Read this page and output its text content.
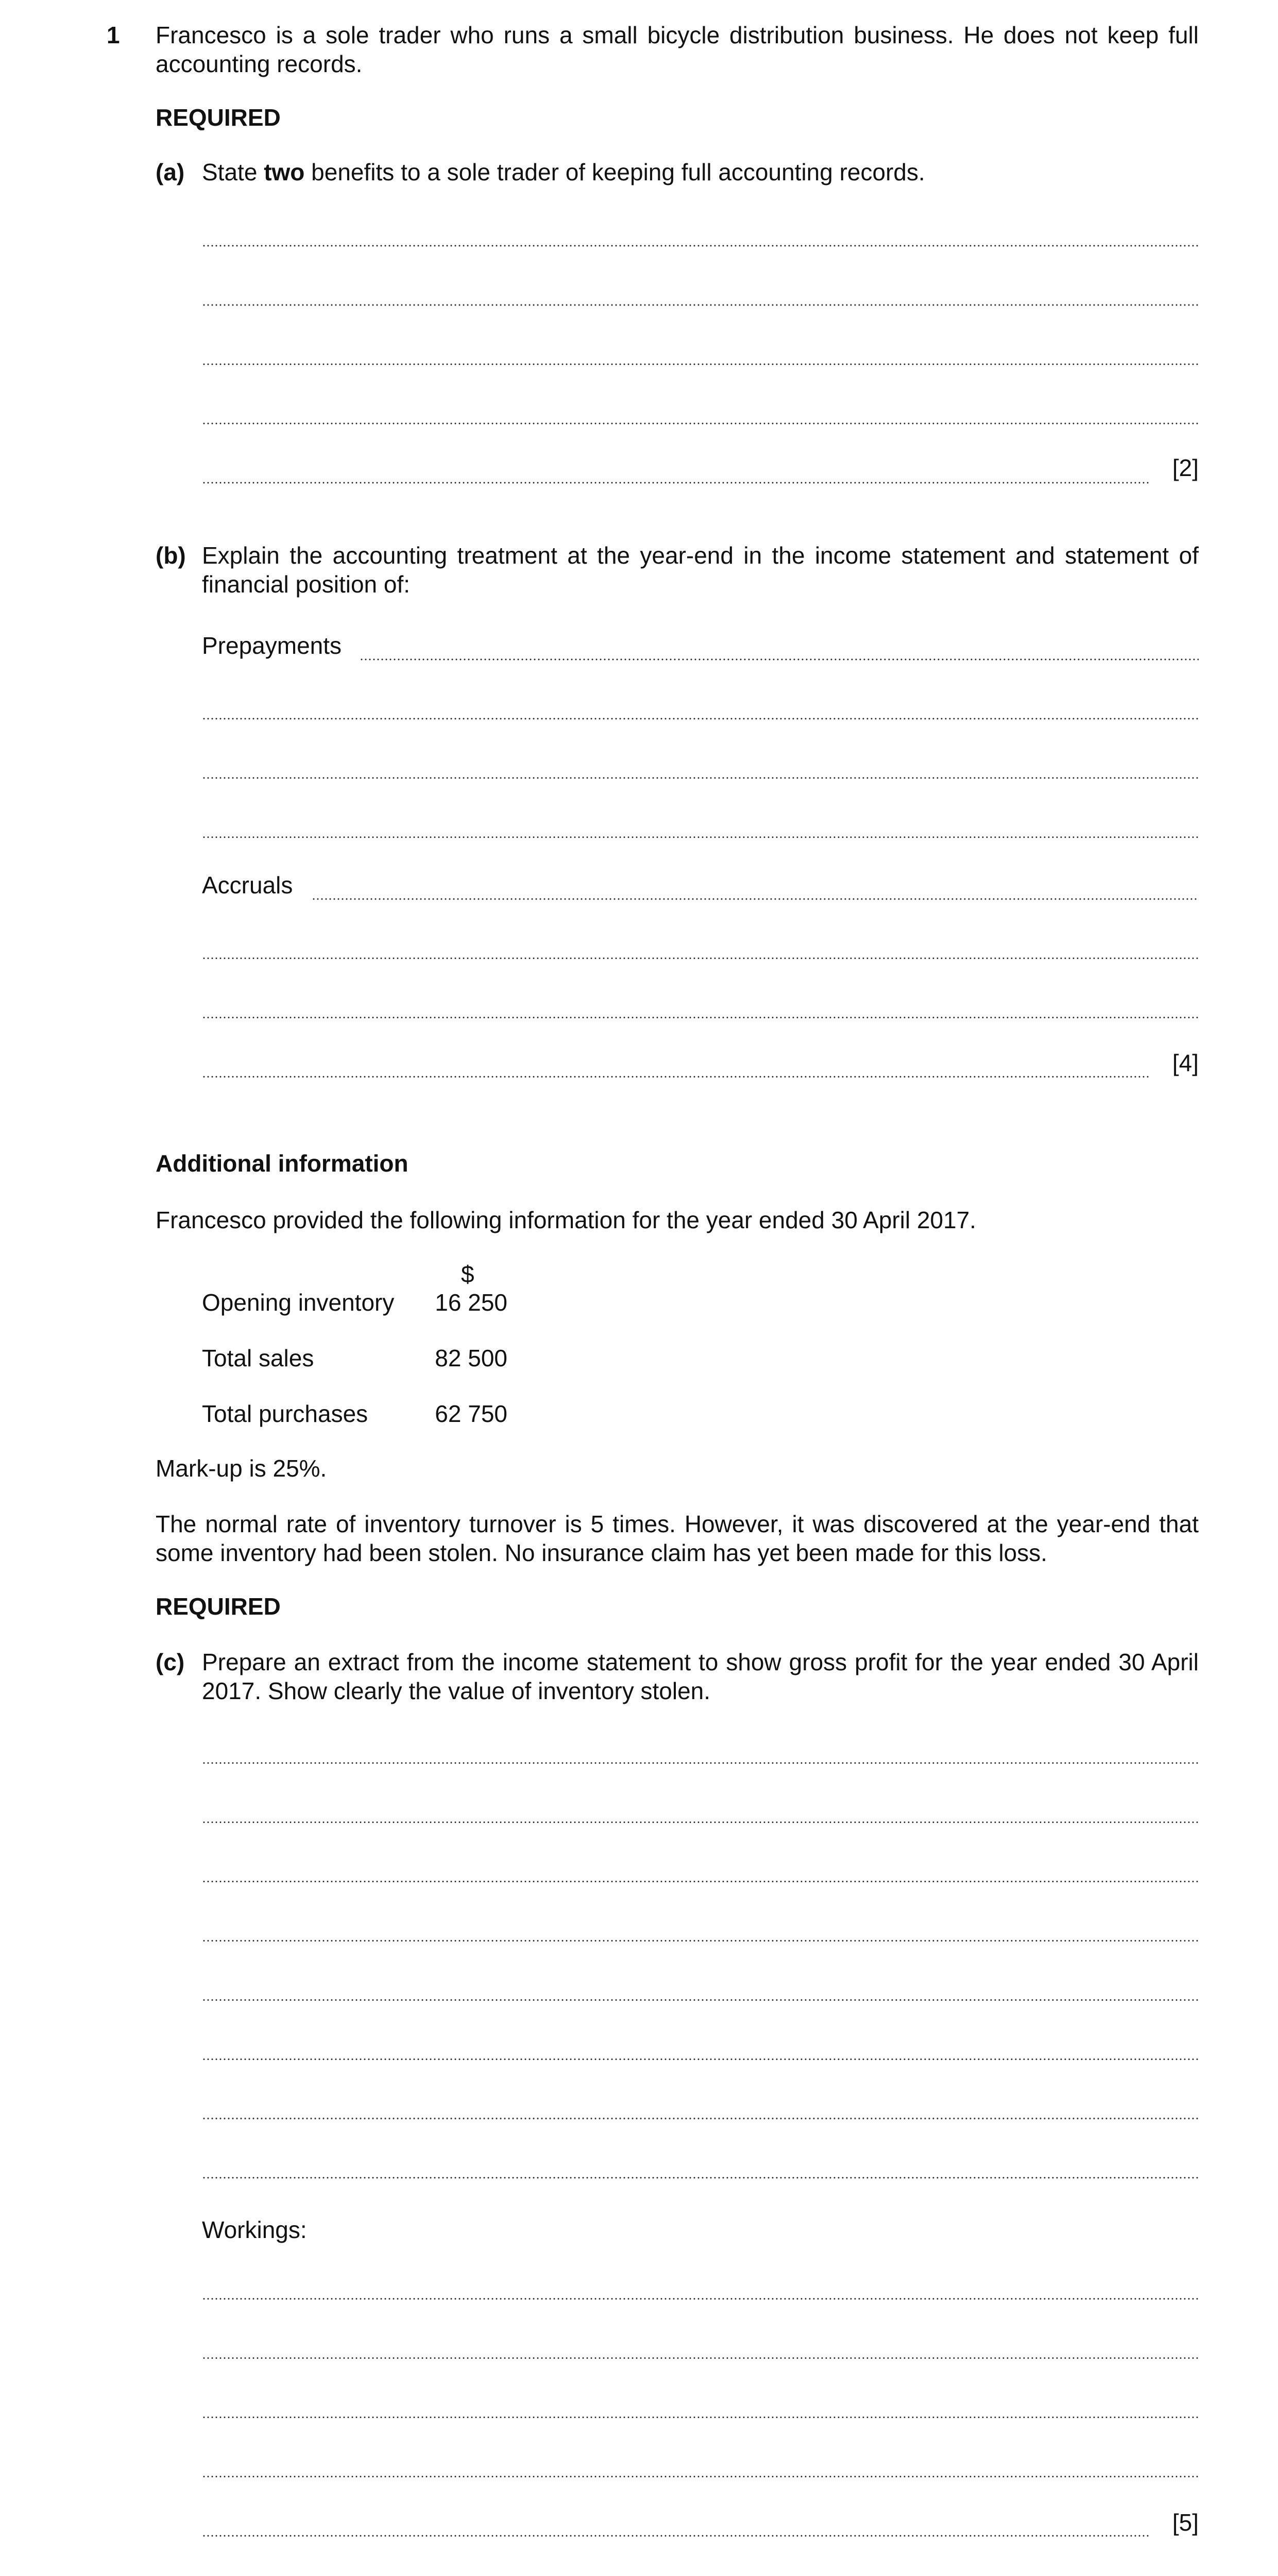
1 Francesco is a sole trader who runs a small bicycle distribution business. He does not keep full accounting records.
REQUIRED
(a) State two benefits to a sole trader of keeping full accounting records.
[2]
(b) Explain the accounting treatment at the year-end in the income statement and statement of financial position of:
Prepayments
Accruals
[4]
Additional information
Francesco provided the following information for the year ended 30 April 2017.
$
Opening inventory	16 250
Total sales	82 500
Total purchases	62 750
Mark-up is 25%.
The normal rate of inventory turnover is 5 times. However, it was discovered at the year-end that some inventory had been stolen. No insurance claim has yet been made for this loss.
REQUIRED
(c) Prepare an extract from the income statement to show gross profit for the year ended 30 April 2017. Show clearly the value of inventory stolen.
Workings:
[5]
